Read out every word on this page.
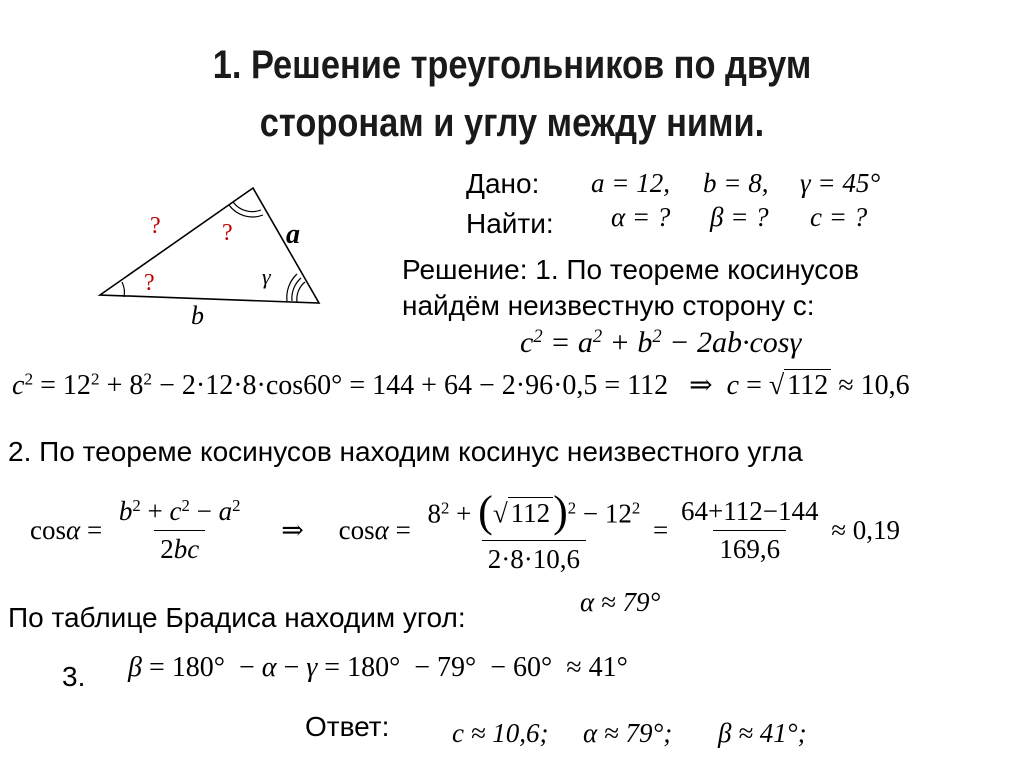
1. Решение треугольников по двум
сторонам и углу между ними.
?	?
?
a
γ
b
Дано: a = 12, b = 8, γ = 45°
Найти: α = ? β = ? c = ?
Решение: 1. По теореме косинусов
найдём неизвестную сторону с:
$c^2 = a^2 + b^2 - 2ab\cdot\cos\gamma$
$c^2 = 12^2 + 8^2 - 2\cdot 12\cdot 8\cdot\cos 60^\circ = 144 + 64 - 2\cdot 96\cdot 0,5 = 112$   ⇒  c = √ 112 ≈ 10,6
2. По теореме косинусов находим косинус неизвестного угла
$\cos\alpha = \frac{b^2 + c^2 - a^2}{2bc}$ ⇒ $\cos\alpha = \frac{8^2 + (√ 112)^2 - 12^2}{2\cdot 8\cdot 10,6} = \frac{64+112-144}{169,6} \approx 0,19$
По таблице Брадиса находим угол:	α ≈ 79°
3. β = 180°  − α − γ = 180°  − 79°  − 60°  ≈ 41°
Ответ: c ≈ 10,6; α ≈ 79°; β ≈ 41°;
